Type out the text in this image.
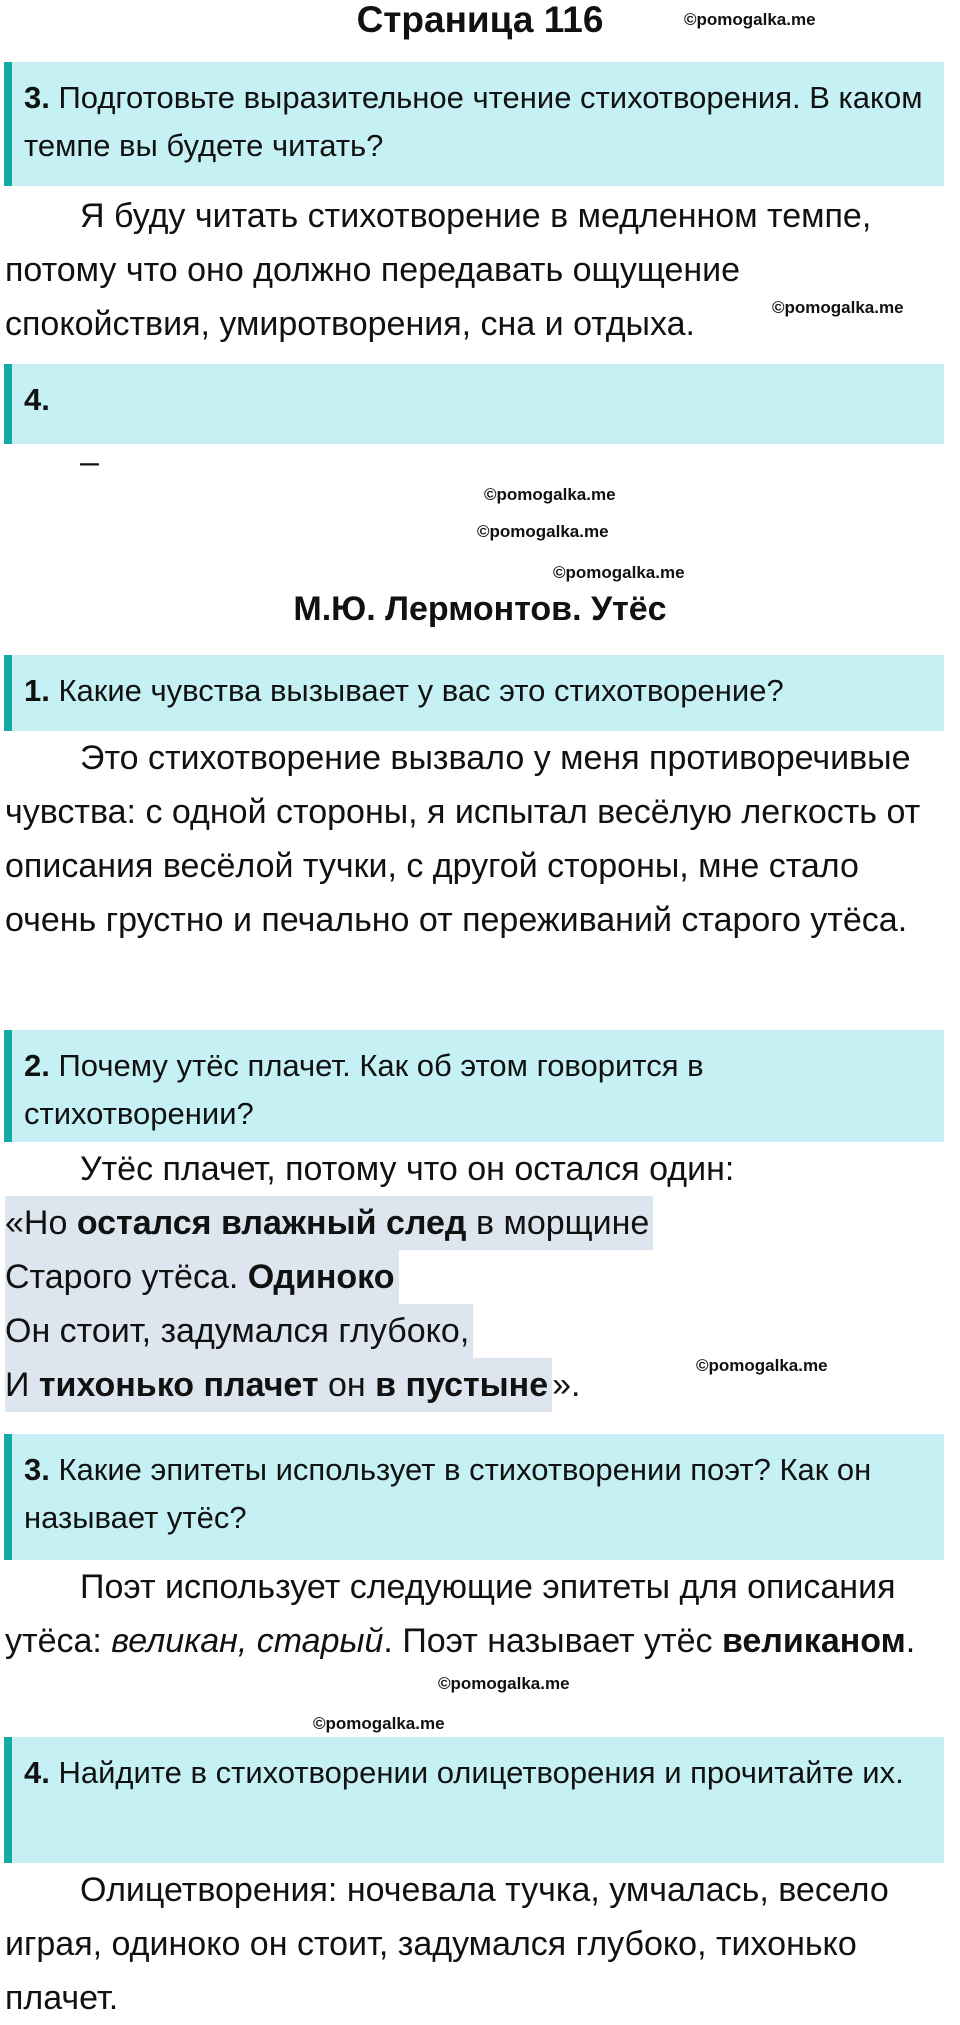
Страница 116	©pomogalka.me
3. Подготовьте выразительное чтение стихотворения. В каком темпе вы будете читать?

Я буду читать стихотворение в медленном темпе, потому что оно должно передавать ощущение спокойствия, умиротворения, сна и отдыха.	©pomogalka.me
4.
–
©pomogalka.me
©pomogalka.me
©pomogalka.me
М.Ю. Лермонтов. Утёс
1. Какие чувства вызывает у вас это стихотворение?

Это стихотворение вызвало у меня противоречивые чувства: с одной стороны, я испытал весёлую легкость от описания весёлой тучки, с другой стороны, мне стало очень грустно и печально от переживаний старого утёса.

2. Почему утёс плачет. Как об этом говорится в стихотворении?

Утёс плачет, потому что он остался один:

«Но остался влажный след в морщине

Старого утёса. Одиноко

Он стоит, задумался глубоко,

И тихонько плачет он в пустыне ».

©pomogalka.me
3. Какие эпитеты использует в стихотворении поэт? Как он называет утёс?

Поэт использует следующие эпитеты для описания утёса: великан, старый. Поэт называет утёс великаном.

©pomogalka.me
©pomogalka.me
4. Найдите в стихотворении олицетворения и прочитайте их.

Олицетворения: ночевала тучка, умчалась, весело играя, одиноко он стоит, задумался глубоко, тихонько плачет.
